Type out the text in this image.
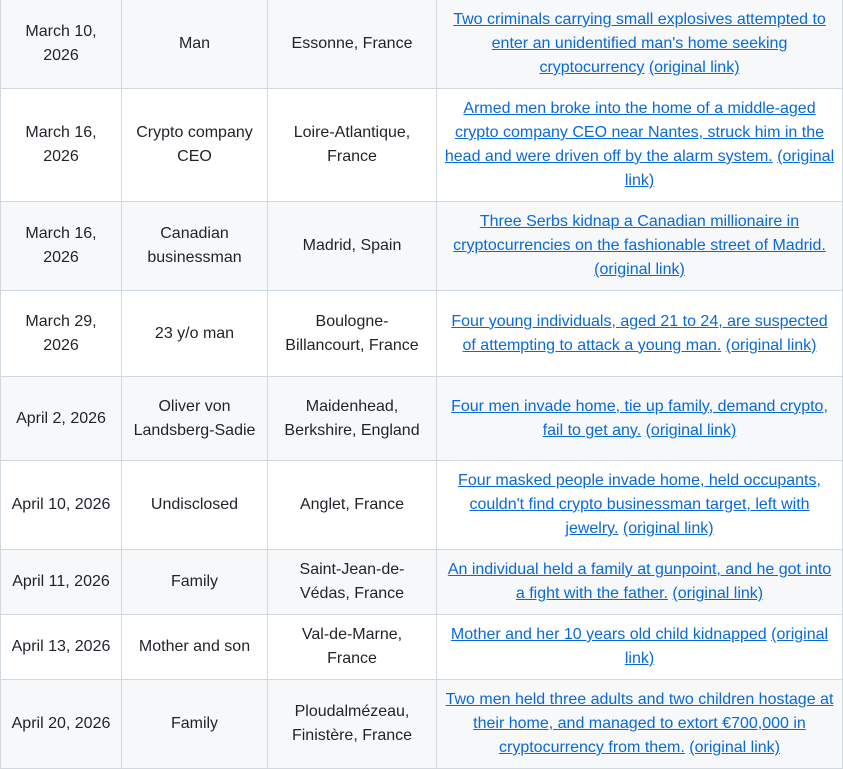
March 10, 2026	Man	Essonne, France	Two criminals carrying small explosives attempted to enter an unidentified man's home seeking cryptocurrency (original link)
March 16, 2026	Crypto company CEO	Loire-Atlantique, France	Armed men broke into the home of a middle-aged crypto company CEO near Nantes, struck him in the head and were driven off by the alarm system. (original link)
March 16, 2026	Canadian businessman	Madrid, Spain	Three Serbs kidnap a Canadian millionaire in cryptocurrencies on the fashionable street of Madrid. (original link)
March 29, 2026	23 y/o man	Boulogne-Billancourt, France	Four young individuals, aged 21 to 24, are suspected of attempting to attack a young man. (original link)
April 2, 2026	Oliver von Landsberg-Sadie	Maidenhead, Berkshire, England	Four men invade home, tie up family, demand crypto, fail to get any. (original link)
April 10, 2026	Undisclosed	Anglet, France	Four masked people invade home, held occupants, couldn't find crypto businessman target, left with jewelry. (original link)
April 11, 2026	Family	Saint-Jean-de-Védas, France	An individual held a family at gunpoint, and he got into a fight with the father. (original link)
April 13, 2026	Mother and son	Val-de-Marne, France	Mother and her 10 years old child kidnapped (original link)
April 20, 2026	Family	Ploudalmézeau, Finistère, France	Two men held three adults and two children hostage at their home, and managed to extort €700,000 in cryptocurrency from them. (original link)
